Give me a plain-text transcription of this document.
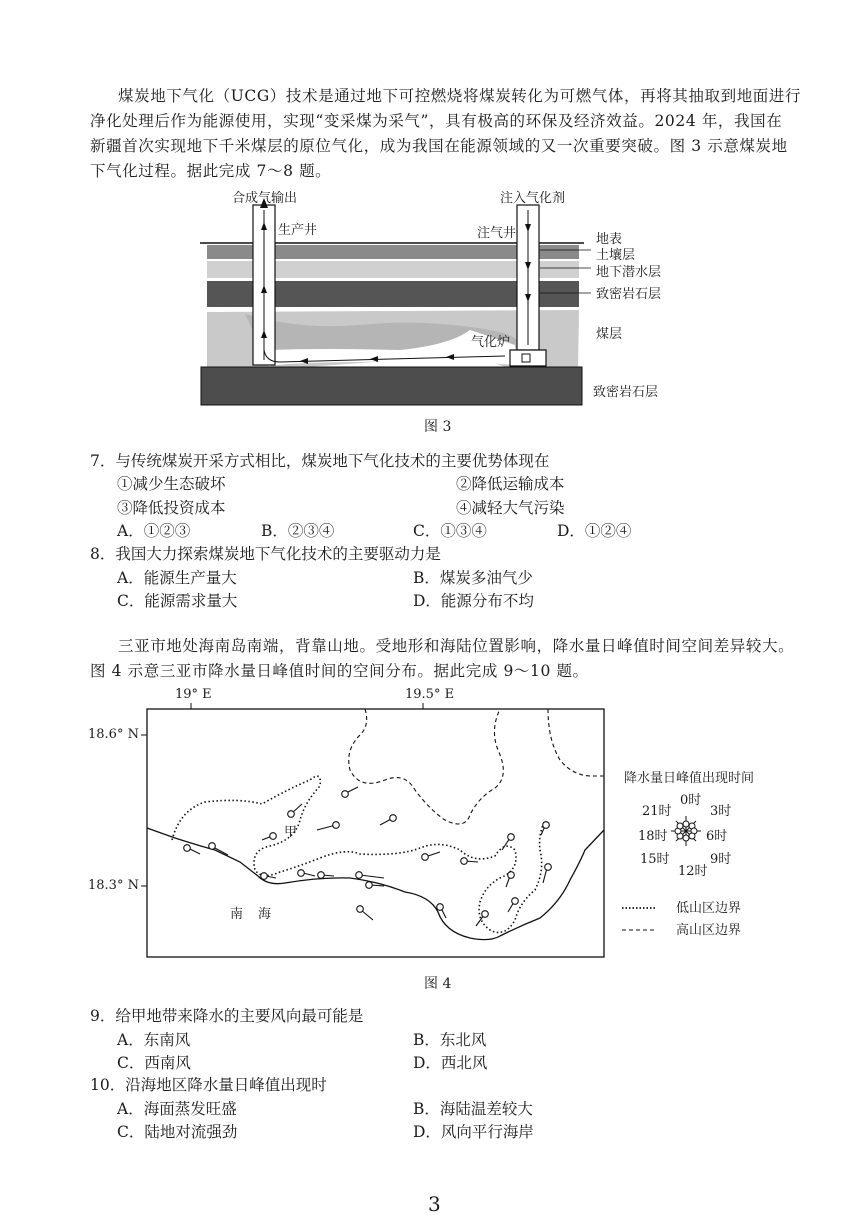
煤炭地下气化（UCG）技术是通过地下可控燃烧将煤炭转化为可燃气体，再将其抽取到地面进行
净化处理后作为能源使用，实现“变采煤为采气”，具有极高的环保及经济效益。2024 年，我国在
新疆首次实现地下千米煤层的原位气化，成为我国在能源领域的又一次重要突破。图 3 示意煤炭地
下气化过程。据此完成 7～8 题。
合成气输出	注入气化剂
生产井	注气井	地表
土壤层
地下潜水层
致密岩石层
煤层
气化炉
致密岩石层
图 3
7．与传统煤炭开采方式相比，煤炭地下气化技术的主要优势体现在
①减少生态破坏	②降低运输成本
③降低投资成本	④减轻大气污染
A．①②③	B．②③④	C．①③④	D．①②④
8．我国大力探索煤炭地下气化技术的主要驱动力是
A．能源生产量大	B．煤炭多油气少
C．能源需求量大	D．能源分布不均
三亚市地处海南岛南端，背靠山地。受地形和海陆位置影响，降水量日峰值时间空间差异较大。
图 4 示意三亚市降水量日峰值时间的空间分布。据此完成 9～10 题。
19° E	19.5° E
18.6° N
18.3° N
甲
南 海
降水量日峰值出现时间
0时
3时
21时
18时	6时
15时	9时
12时
低山区边界
高山区边界
图 4
9．给甲地带来降水的主要风向最可能是
A．东南风	B．东北风
C．西南风	D．西北风
10．沿海地区降水量日峰值出现时
A．海面蒸发旺盛	B．海陆温差较大
C．陆地对流强劲	D．风向平行海岸
3
